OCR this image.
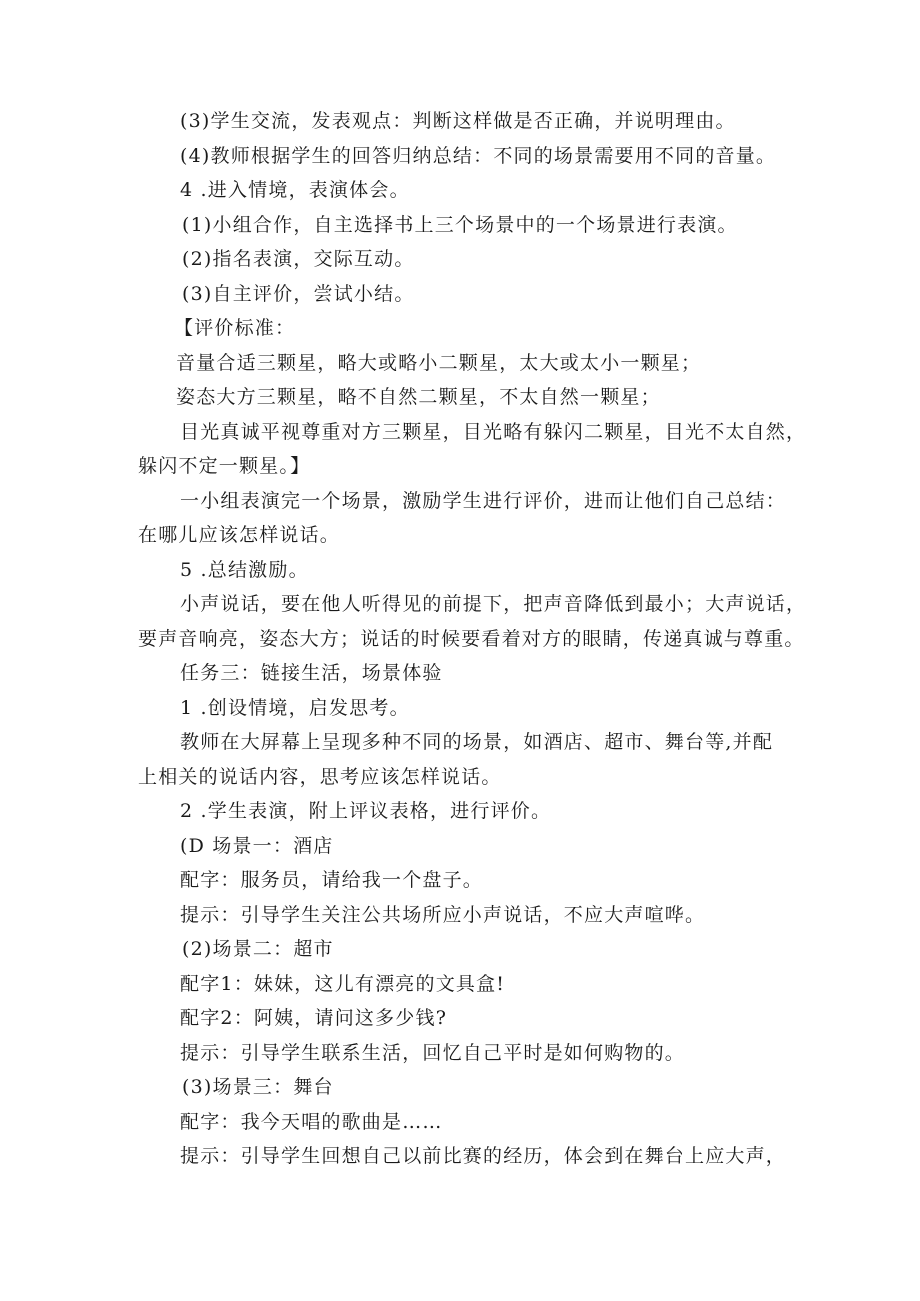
(3)学生交流，发表观点：判断这样做是否正确，并说明理由。
(4)教师根据学生的回答归纳总结：不同的场景需要用不同的音量。
4 .进入情境，表演体会。
(1)小组合作，自主选择书上三个场景中的一个场景进行表演。
(2)指名表演，交际互动。
(3)自主评价，尝试小结。
【评价标准：
音量合适三颗星，略大或略小二颗星，太大或太小一颗星；
姿态大方三颗星，略不自然二颗星，不太自然一颗星；
目光真诚平视尊重对方三颗星，目光略有躲闪二颗星，目光不太自然，
躲闪不定一颗星。】
一小组表演完一个场景，激励学生进行评价，进而让他们自己总结：
在哪儿应该怎样说话。
5 .总结激励。
小声说话，要在他人听得见的前提下，把声音降低到最小；大声说话，
要声音响亮，姿态大方；说话的时候要看着对方的眼睛，传递真诚与尊重。
任务三：链接生活，场景体验
1 .创设情境，启发思考。
教师在大屏幕上呈现多种不同的场景，如酒店、超市、舞台等,并配
上相关的说话内容，思考应该怎样说话。
2 .学生表演，附上评议表格，进行评价。
(D 场景一：酒店
配字：服务员，请给我一个盘子。
提示：引导学生关注公共场所应小声说话，不应大声喧哗。
(2)场景二：超市
配字1：妹妹，这儿有漂亮的文具盒!
配字2：阿姨，请问这多少钱?
提示：引导学生联系生活，回忆自己平时是如何购物的。
(3)场景三：舞台
配字：我今天唱的歌曲是……
提示：引导学生回想自己以前比赛的经历，体会到在舞台上应大声，
